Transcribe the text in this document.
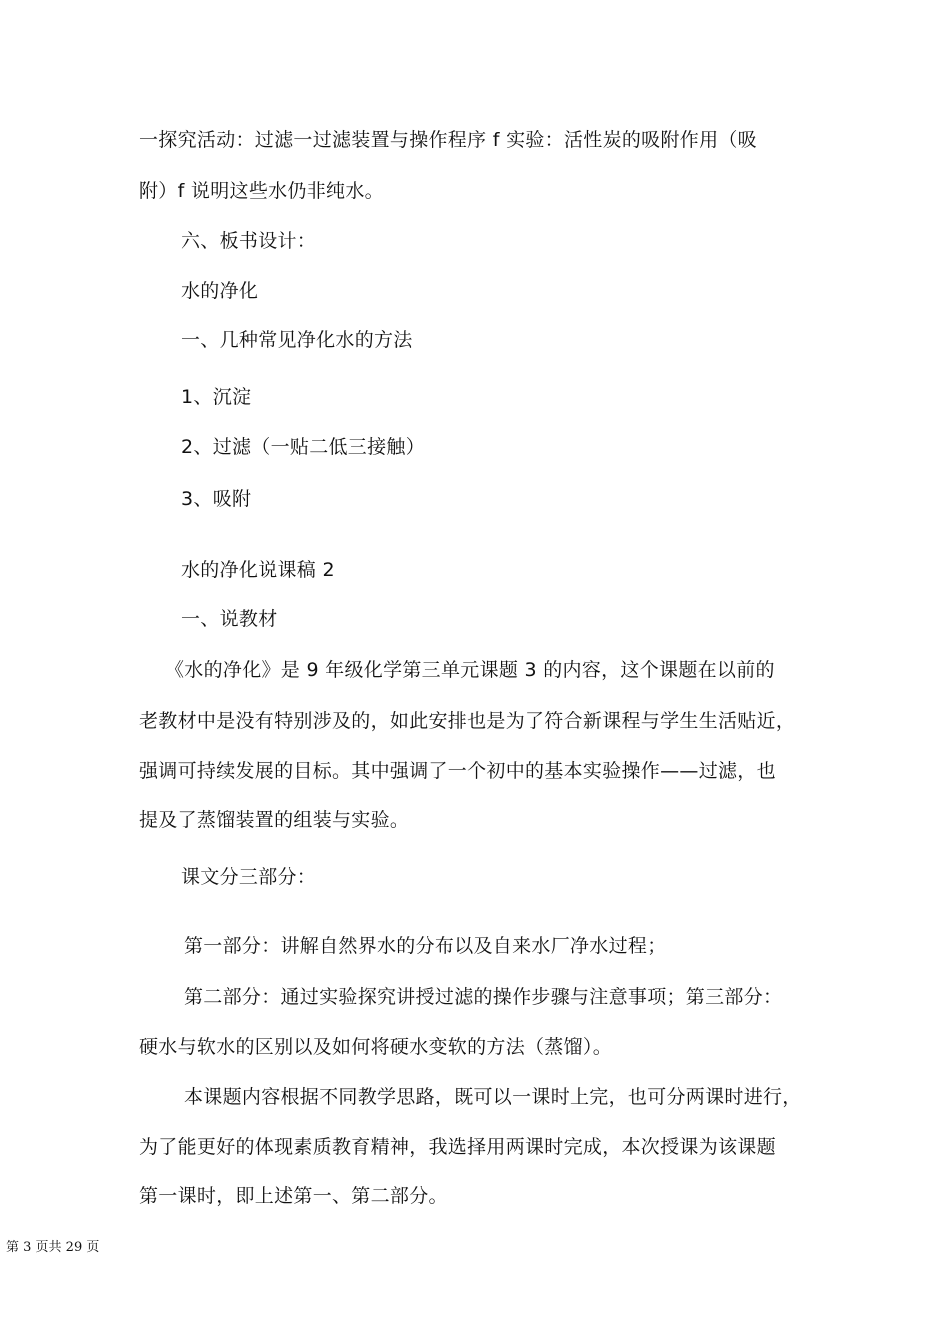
一探究活动：过滤一过滤装置与操作程序 f 实验：活性炭的吸附作用（吸
附）f 说明这些水仍非纯水。
六、板书设计：
水的净化
一、几种常见净化水的方法
1、沉淀
2、过滤（一贴二低三接触）
3、吸附
水的净化说课稿 2
一、说教材
《水的净化》是 9 年级化学第三单元课题 3 的内容，这个课题在以前的
老教材中是没有特别涉及的，如此安排也是为了符合新课程与学生生活贴近，
强调可持续发展的目标。其中强调了一个初中的基本实验操作——过滤，也
提及了蒸馏装置的组装与实验。
课文分三部分：
第一部分：讲解自然界水的分布以及自来水厂净水过程；
第二部分：通过实验探究讲授过滤的操作步骤与注意事项；第三部分：
硬水与软水的区别以及如何将硬水变软的方法（蒸馏）。
本课题内容根据不同教学思路，既可以一课时上完，也可分两课时进行，
为了能更好的体现素质教育精神，我选择用两课时完成，本次授课为该课题
第一课时，即上述第一、第二部分。
第 3 页共 29 页
